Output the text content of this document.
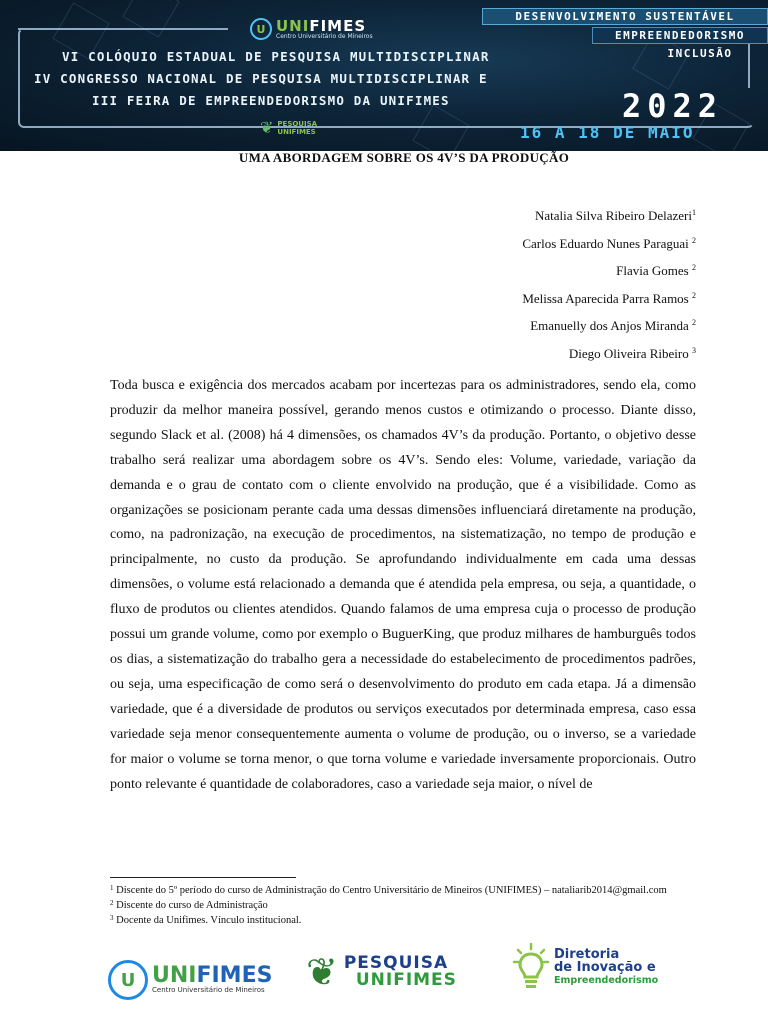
U UNIFIMES
Centro Universitário de Mineiros
DESENVOLVIMENTO SUSTENTÁVEL
EMPREENDEDORISMO
INCLUSÃO
VI COLÓQUIO ESTADUAL DE PESQUISA MULTIDISCIPLINAR
IV CONGRESSO NACIONAL DE PESQUISA MULTIDISCIPLINAR E
III FEIRA DE EMPREENDEDORISMO DA UNIFIMES
❦ PESQUISA
UNIFIMES
2022
16 A 18 DE MAIO
UMA ABORDAGEM SOBRE OS 4V’S DA PRODUÇÃO
Natalia Silva Ribeiro Delazeri$^1$
Carlos Eduardo Nunes Paraguai $^2$
Flavia Gomes $^2$
Melissa Aparecida Parra Ramos $^2$
Emanuelly dos Anjos Miranda $^2$
Diego Oliveira Ribeiro $^3$
Toda busca e exigência dos mercados acabam por incertezas para os administradores, sendo ela, como produzir da melhor maneira possível, gerando menos custos e otimizando o processo. Diante disso, segundo Slack et al. (2008) há 4 dimensões, os chamados 4V’s da produção. Portanto, o objetivo desse trabalho será realizar uma abordagem sobre os 4V’s. Sendo eles: Volume, variedade, variação da demanda e o grau de contato com o cliente envolvido na produção, que é a visibilidade. Como as organizações se posicionam perante cada uma dessas dimensões influenciará diretamente na produção, como, na padronização, na execução de procedimentos, na sistematização, no tempo de produção e principalmente, no custo da produção. Se aprofundando individualmente em cada uma dessas dimensões, o volume está relacionado a demanda que é atendida pela empresa, ou seja, a quantidade, o fluxo de produtos ou clientes atendidos. Quando falamos de uma empresa cuja o processo de produção possui um grande volume, como por exemplo o BuguerKing, que produz milhares de hamburguês todos os dias, a sistematização do trabalho gera a necessidade do estabelecimento de procedimentos padrões, ou seja, uma especificação de como será o desenvolvimento do produto em cada etapa. Já a dimensão variedade, que é a diversidade de produtos ou serviços executados por determinada empresa, caso essa variedade seja menor consequentemente aumenta o volume de produção, ou o inverso, se a variedade for maior o volume se torna menor, o que torna volume e variedade inversamente proporcionais. Outro ponto relevante é quantidade de colaboradores, caso a variedade seja maior, o nível de
$^1$ Discente do 5º período do curso de Administração do Centro Universitário de Mineiros (UNIFIMES) – nataliarib2014@gmail.com
$^2$ Discente do curso de Administração
$^3$ Docente da Unifimes. Vínculo institucional.
U UNIFIMES
Centro Universitário de Mineiros ❦ PESQUISA
UNIFIMES
Diretoria
de Inovação e
Empreendedorismo
